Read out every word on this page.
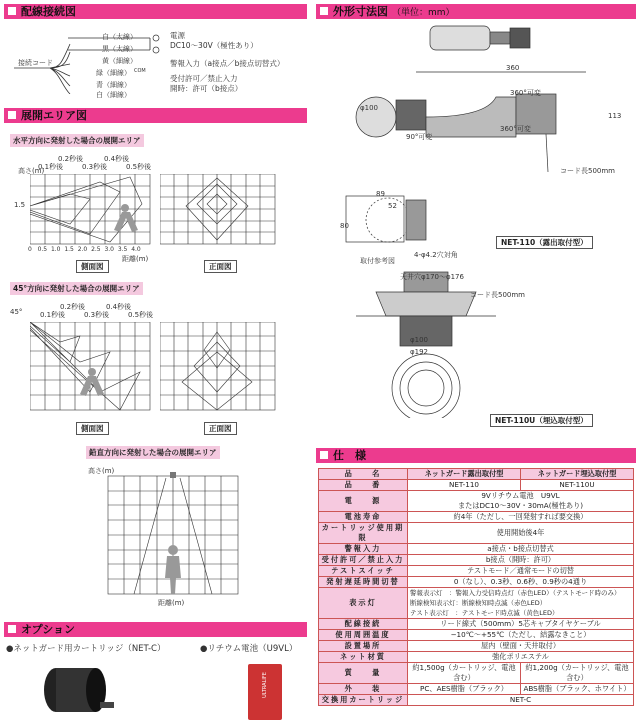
配線接続図	外形寸法図 （単位：mm）
展開エリア図
オプション
仕　様
白（太線）
黒（太線）
黄（細線）
緑（細線）
青（細線）
白（細線）
接続コード
COM
電源
DC10〜30V（極性あり）
警報入力（a接点／b接点切替式）
受付許可／禁止入力
開時：許可（b接点）
水平方向に発射した場合の展開エリア
0.1秒後
0.2秒後
0.3秒後
0.4秒後
0.5秒後
高さ(m)
1.5
0 0.5 1.0 1.5 2.0 2.5 3.0 3.5 4.0
距離(m)
側面図	正面図
45°方向に発射した場合の展開エリア
45°	0.1秒後
0.2秒後
0.3秒後
0.4秒後
0.5秒後
側面図	正面図
鉛直方向に発射した場合の展開エリア
高さ(m)
距離(m)
360
φ100
113
360°可変
360°可変
90°可変
コード長500mm
89
52
80
4-φ4.2穴対角
取付参考図
NET-110（露出取付型）
天井穴φ170〜φ176
コード長500mm
φ100
φ192
NET-110U（埋込取付型）
品　　名	ネットガード露出取付型	ネットガード埋込取付型
品　　番	NET-110	NET-110U
電　　源	9Vリチウム電池　U9VL
またはDC10〜30V・30mA(極性あり)	
電池寿命	約4年（ただし、一回発射すれば要交換）	
カートリッジ使用期限	使用開始後4年	
警報入力	a接点・b接点切替式	
受付許可／禁止入力	b接点（開時：許可）	
テストスイッチ	テストモード／通常モードの切替	
発射遅延時間切替	0（なし）、0.3秒、0.6秒、0.9秒の4通り	
表示灯	警報表示灯　：警報入力受信時点灯（赤色LED）（テストモード時のみ）
断線検知表示灯：断線検知時点滅（赤色LED）
テスト表示灯　：テストモード時点滅（黄色LED）	
配線接続	リード線式（500mm）5芯キャブタイヤケーブル	
使用周囲温度	−10℃〜+55℃（ただし、結露なきこと）	
設置場所	屋内（壁面・天井取付）	
ネット材質	強化ポリエステル	
質　　量	約1,500g（カートリッジ、電池含む）	約1,200g（カートリッジ、電池含む）
外　　装	PC、AES樹脂（ブラック）	ABS樹脂（ブラック、ホワイト）
交換用カートリッジ	NET-C	
●ネットガード用カートリッジ（NET-C）	●リチウム電池（U9VL）
ULTRALIFE
